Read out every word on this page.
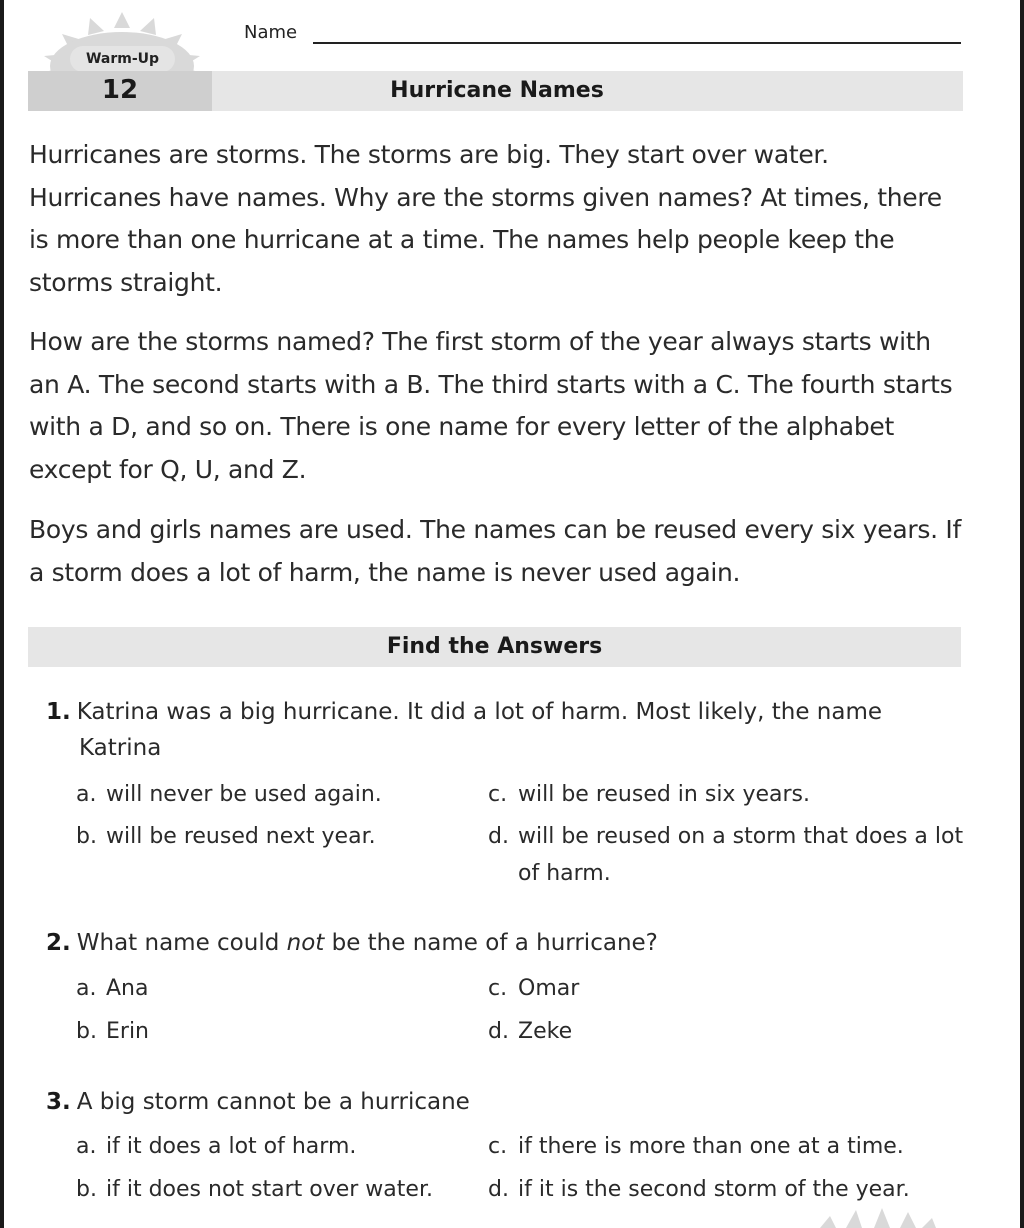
Warm-Up
Name
12	Hurricane Names

Hurricanes are storms. The storms are big. They start over water. Hurricanes have names. Why are the storms given names? At times, there is more than one hurricane at a time. The names help people keep the storms straight.

How are the storms named? The first storm of the year always starts with an A. The second starts with a B. The third starts with a C. The fourth starts with a D, and so on. There is one name for every letter of the alphabet except for Q, U, and Z.

Boys and girls names are used. The names can be reused every six years. If a storm does a lot of harm, the name is never used again.

Find the Answers
1. Katrina was a big hurricane. It did a lot of harm. Most likely, the name
Katrina
a. will never be used again.
b. will be reused next year.
c. will be reused in six years.
d. will be reused on a storm that does a lot
of harm.
2. What name could not be the name of a hurricane?
a. Ana
b. Erin
c. Omar
d. Zeke
3. A big storm cannot be a hurricane
a. if it does a lot of harm.
b. if it does not start over water.
c. if there is more than one at a time.
d. if it is the second storm of the year.
